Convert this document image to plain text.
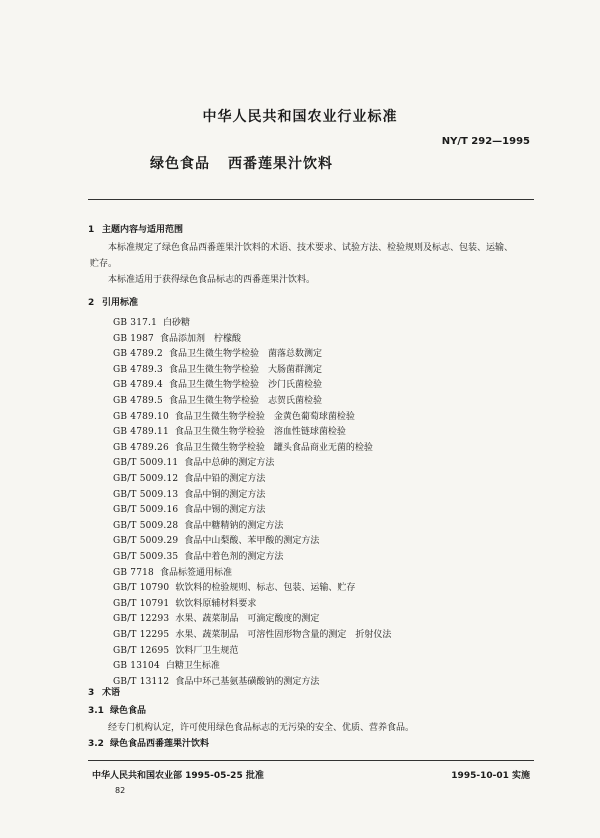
中华人民共和国农业行业标准
NY/T 292—1995
绿色食品 西番莲果汁饮料
1 主题内容与适用范围
本标准规定了绿色食品西番莲果汁饮料的术语、技术要求、试验方法、检验规则及标志、包装、运输、
贮存。
本标准适用于获得绿色食品标志的西番莲果汁饮料。
2 引用标准
GB 317.1 白砂糖
GB 1987 食品添加剂　柠檬酸
GB 4789.2 食品卫生微生物学检验　菌落总数测定
GB 4789.3 食品卫生微生物学检验　大肠菌群测定
GB 4789.4 食品卫生微生物学检验　沙门氏菌检验
GB 4789.5 食品卫生微生物学检验　志贺氏菌检验
GB 4789.10 食品卫生微生物学检验　金黄色葡萄球菌检验
GB 4789.11 食品卫生微生物学检验　溶血性链球菌检验
GB 4789.26 食品卫生微生物学检验　罐头食品商业无菌的检验
GB/T 5009.11 食品中总砷的测定方法
GB/T 5009.12 食品中铅的测定方法
GB/T 5009.13 食品中铜的测定方法
GB/T 5009.16 食品中锡的测定方法
GB/T 5009.28 食品中糖精钠的测定方法
GB/T 5009.29 食品中山梨酸、苯甲酸的测定方法
GB/T 5009.35 食品中着色剂的测定方法
GB 7718 食品标签通用标准
GB/T 10790 软饮料的检验规则、标志、包装、运输、贮存
GB/T 10791 软饮料原辅材料要求
GB/T 12293 水果、蔬菜制品　可滴定酸度的测定
GB/T 12295 水果、蔬菜制品　可溶性固形物含量的测定　折射仪法
GB/T 12695 饮料厂卫生规范
GB 13104 白糖卫生标准
GB/T 13112 食品中环己基氨基磺酸钠的测定方法
3 术语
3.1 绿色食品
经专门机构认定，许可使用绿色食品标志的无污染的安全、优质、营养食品。
3.2 绿色食品西番莲果汁饮料
中华人民共和国农业部 1995-05-25 批准	1995-10-01 实施
82
